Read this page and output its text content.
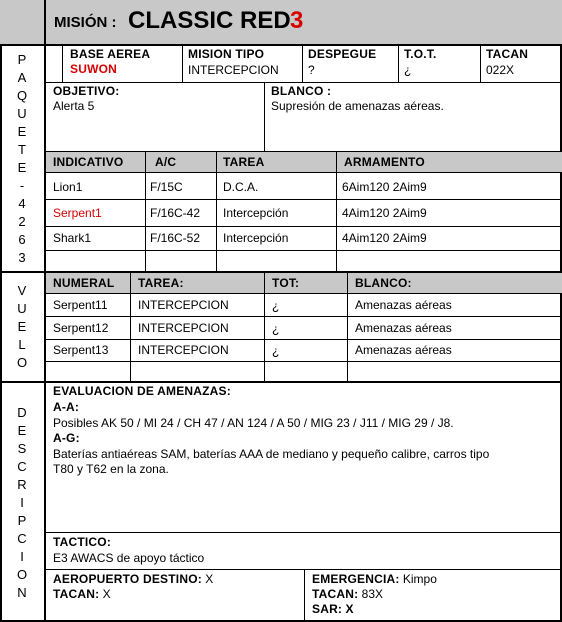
MISIÓN : CLASSIC RED 3
P
A
Q
U
E
T
E
-
4
2
6
3
V
U
E
L
O
D
E
S
C
R
I
P
C
I
O
N
BASE AEREA
SUWON
MISION TIPO
INTERCEPCION
DESPEGUE
?
T.O.T.
¿
TACAN
022X
OBJETIVO:
Alerta 5
BLANCO :
Supresión de amenazas aéreas.
INDICATIVO	A/C	TAREA	ARMAMENTO
Lion1	F/15C	D.C.A.	6Aim120 2Aim9
Serpent1	F/16C-42 Intercepción	4Aim120 2Aim9
Shark1	F/16C-52 Intercepción	4Aim120 2Aim9
NUMERAL TAREA:	TOT:	BLANCO:
Serpent11	INTERCEPCION	¿	Amenazas aéreas
Serpent12 INTERCEPCION	¿	Amenazas aéreas
Serpent13 INTERCEPCION	¿	Amenazas aéreas
EVALUACION DE AMENAZAS:
A-A:
Posibles AK 50 / MI 24 / CH 47 / AN 124 / A 50 / MIG 23 / J11 / MIG 29 / J8.
A-G:
Baterías antiaéreas SAM, baterías AAA de mediano y pequeño calibre, carros tipo
T80 y T62 en la zona.
TACTICO:
E3 AWACS de apoyo táctico
AEROPUERTO DESTINO: X
TACAN: X
EMERGENCIA: Kimpo
TACAN: 83X
SAR: X
